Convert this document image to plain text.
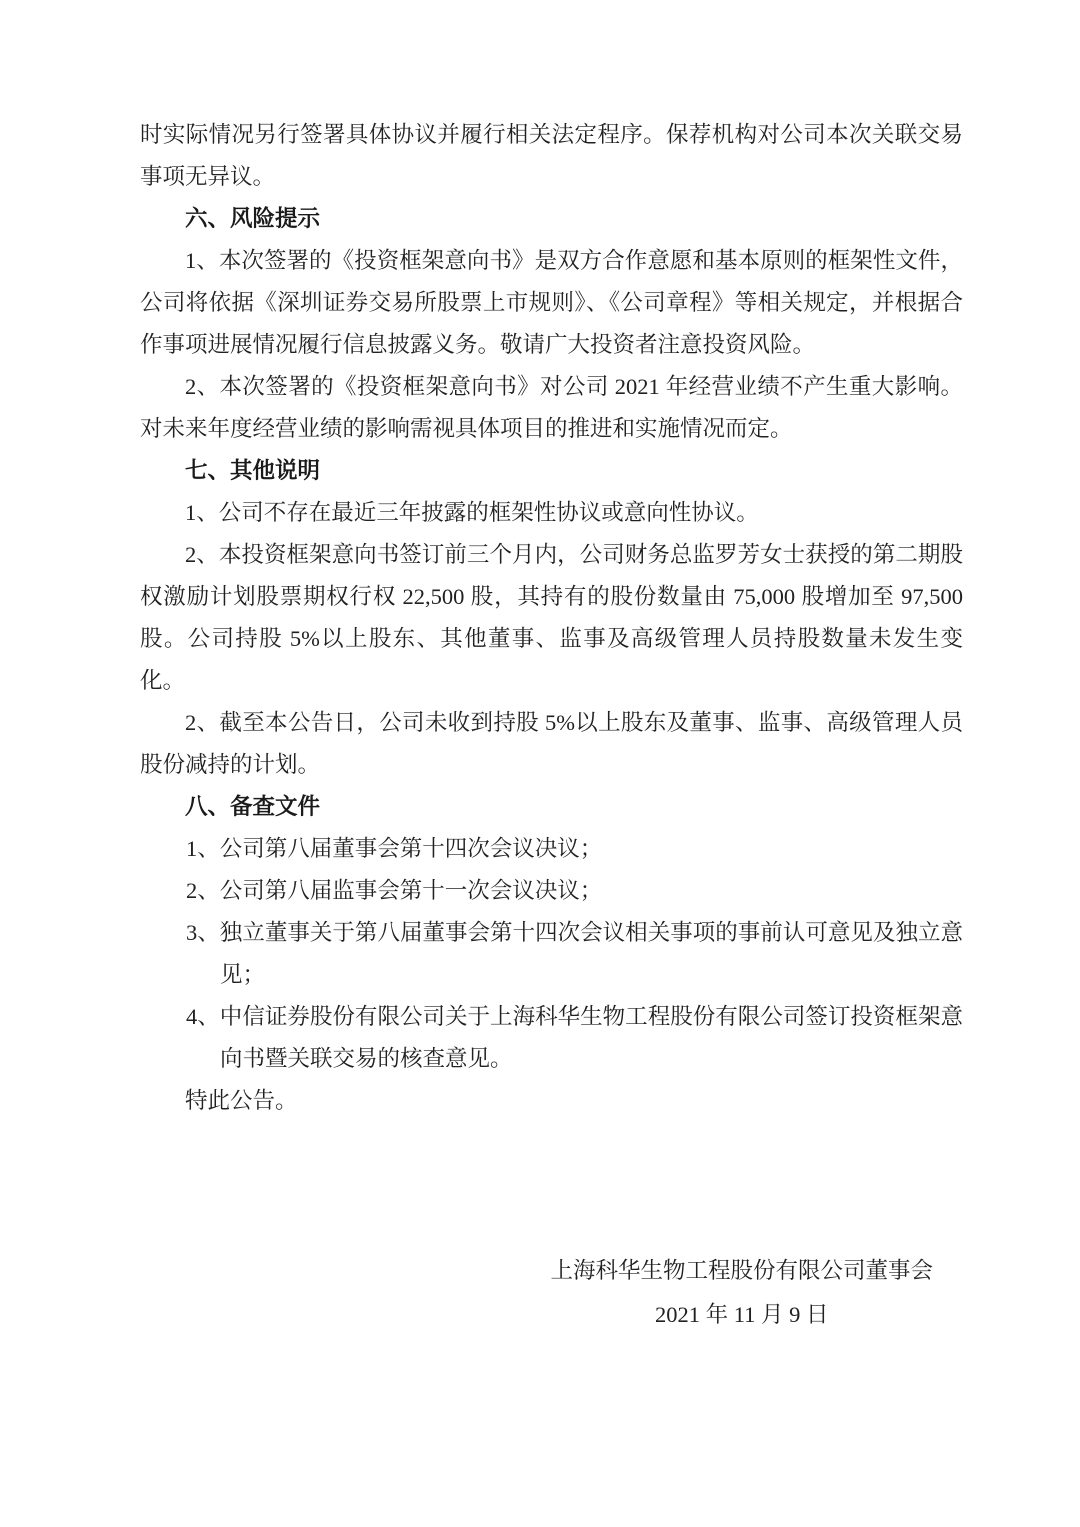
时实际情况另行签署具体协议并履行相关法定程序。保荐机构对公司本次关联交易事项无异议。

六、风险提示

1、本次签署的《投资框架意向书》是双方合作意愿和基本原则的框架性文件，公司将依据《深圳证券交易所股票上市规则》、《公司章程》等相关规定，并根据合作事项进展情况履行信息披露义务。敬请广大投资者注意投资风险。

2、本次签署的《投资框架意向书》对公司 2021 年经营业绩不产生重大影响。对未来年度经营业绩的影响需视具体项目的推进和实施情况而定。

七、其他说明

1、公司不存在最近三年披露的框架性协议或意向性协议。

2、本投资框架意向书签订前三个月内，公司财务总监罗芳女士获授的第二期股权激励计划股票期权行权 22,500 股，其持有的股份数量由 75,000 股增加至 97,500 股。公司持股 5%以上股东、其他董事、监事及高级管理人员持股数量未发生变化。

2、截至本公告日，公司未收到持股 5%以上股东及董事、监事、高级管理人员股份减持的计划。

八、备查文件
1、公司第八届董事会第十四次会议决议；
2、公司第八届监事会第十一次会议决议；
3、独立董事关于第八届董事会第十四次会议相关事项的事前认可意见及独立意见；
4、中信证券股份有限公司关于上海科华生物工程股份有限公司签订投资框架意向书暨关联交易的核查意见。

特此公告。

上海科华生物工程股份有限公司董事会
2021 年 11 月 9 日
